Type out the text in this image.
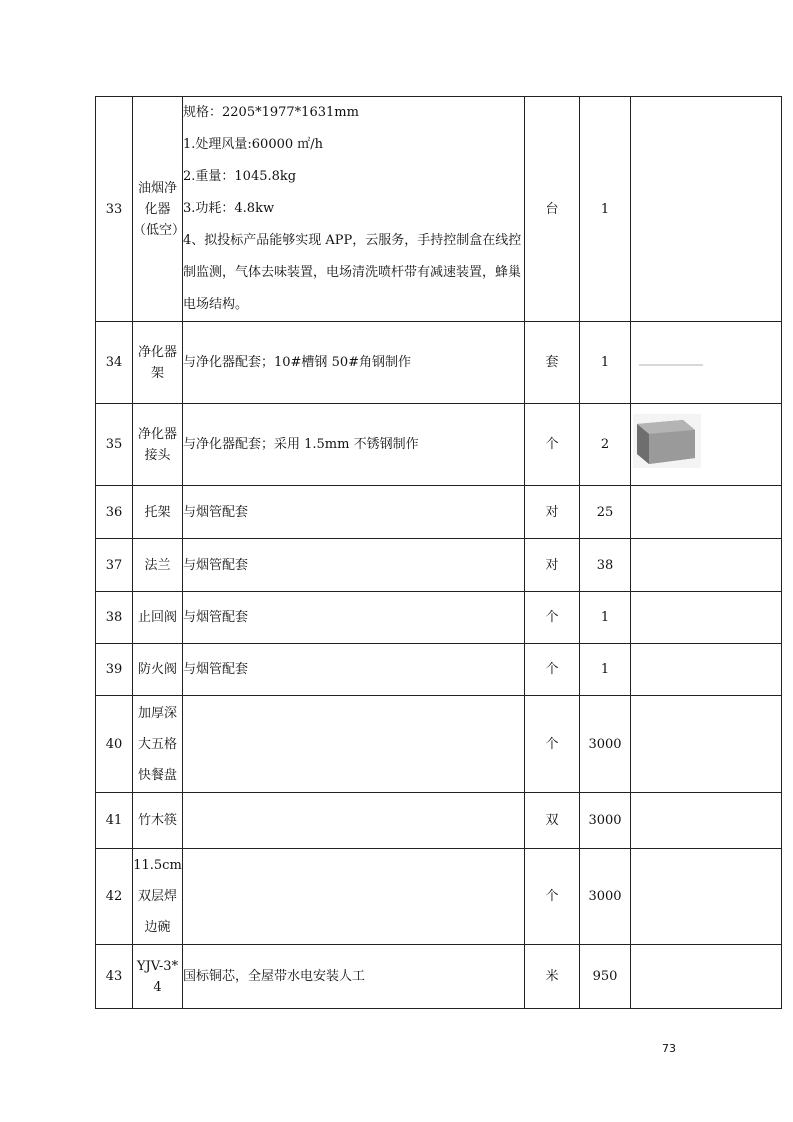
33	油烟净化器（低空）	规格：2205*1977*1631mm
1.处理风量:60000 ㎡/h
2.重量：1045.8kg
3.功耗：4.8kw
4、拟投标产品能够实现 APP，云服务，手持控制盒在线控制监测，气体去味装置，电场清洗喷杆带有减速装置，蜂巢电场结构。	台	1	
34	净化器架	与净化器配套；10#槽钢 50#角钢制作	套	1	
35	净化器接头	与净化器配套；采用 1.5mm 不锈钢制作	个	2	
36	托架	与烟管配套	对	25	
37	法兰	与烟管配套	对	38	
38	止回阀	与烟管配套	个	1	
39	防火阀	与烟管配套	个	1	
40	加厚深大五格快餐盘		个	3000	
41	竹木筷		双	3000	
42	11.5cm双层焊边碗		个	3000	
43	YJV-3*4	国标铜芯，全屋带水电安装人工	米	950	
73
